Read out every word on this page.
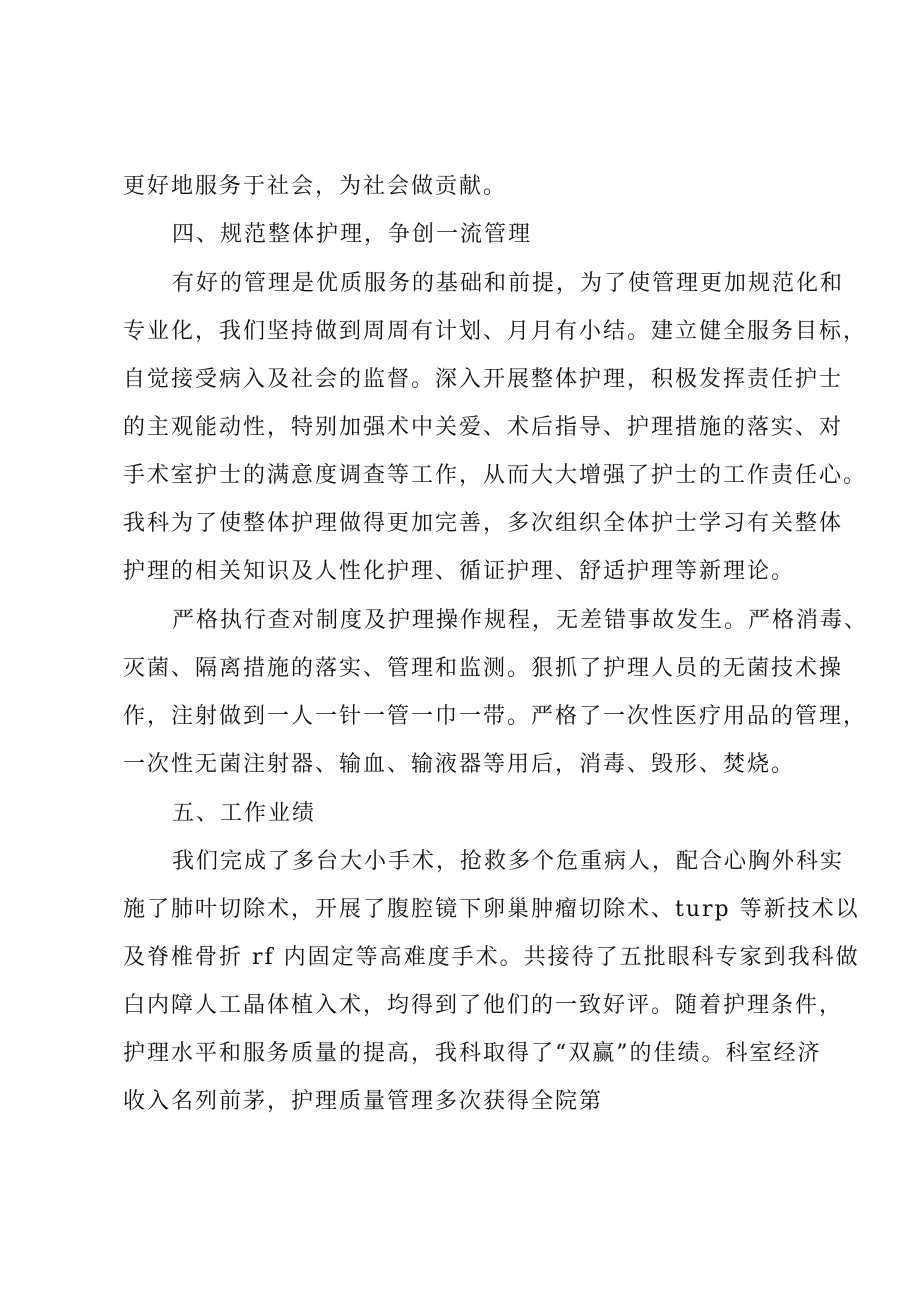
更好地服务于社会，为社会做贡献。
四、规范整体护理，争创一流管理
有好的管理是优质服务的基础和前提，为了使管理更加规范化和
专业化，我们坚持做到周周有计划、月月有小结。建立健全服务目标，
自觉接受病入及社会的监督。深入开展整体护理，积极发挥责任护士
的主观能动性，特别加强术中关爱、术后指导、护理措施的落实、对
手术室护士的满意度调查等工作，从而大大增强了护士的工作责任心。
我科为了使整体护理做得更加完善，多次组织全体护士学习有关整体
护理的相关知识及人性化护理、循证护理、舒适护理等新理论。
严格执行查对制度及护理操作规程，无差错事故发生。严格消毒、
灭菌、隔离措施的落实、管理和监测。狠抓了护理人员的无菌技术操
作，注射做到一人一针一管一巾一带。严格了一次性医疗用品的管理，
一次性无菌注射器、输血、输液器等用后，消毒、毁形、焚烧。
五、工作业绩
我们完成了多台大小手术，抢救多个危重病人，配合心胸外科实
施了肺叶切除术，开展了腹腔镜下卵巢肿瘤切除术、turp 等新技术以
及脊椎骨折 rf 内固定等高难度手术。共接待了五批眼科专家到我科做
白内障人工晶体植入术，均得到了他们的一致好评。随着护理条件，
护理水平和服务质量的提高，我科取得了“双赢”的佳绩。科室经济
收入名列前茅，护理质量管理多次获得全院第
